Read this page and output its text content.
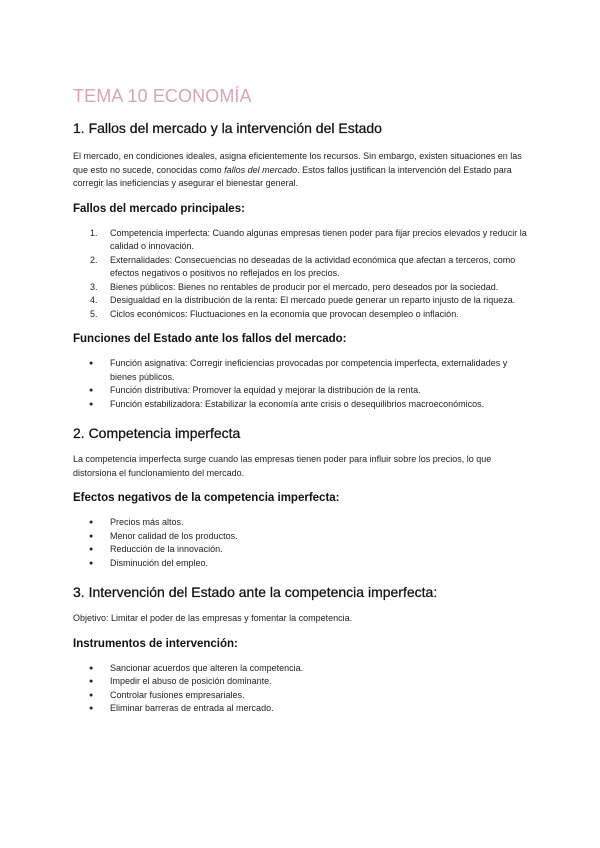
TEMA 10 ECONOMÍA
1. Fallos del mercado y la intervención del Estado

El mercado, en condiciones ideales, asigna eficientemente los recursos. Sin embargo, existen situaciones en las que esto no sucede, conocidas como fallos del mercado. Estos fallos justifican la intervención del Estado para corregir las ineficiencias y asegurar el bienestar general.

Fallos del mercado principales:
1. Competencia imperfecta: Cuando algunas empresas tienen poder para fijar precios elevados y reducir la calidad o innovación.
2. Externalidades: Consecuencias no deseadas de la actividad económica que afectan a terceros, como efectos negativos o positivos no reflejados en los precios.
3. Bienes públicos: Bienes no rentables de producir por el mercado, pero deseados por la sociedad.
4. Desigualdad en la distribución de la renta: El mercado puede generar un reparto injusto de la riqueza.
5. Ciclos económicos: Fluctuaciones en la economía que provocan desempleo o inflación.
Funciones del Estado ante los fallos del mercado:
● Función asignativa: Corregir ineficiencias provocadas por competencia imperfecta, externalidades y bienes públicos.
● Función distributiva: Promover la equidad y mejorar la distribución de la renta.
● Función estabilizadora: Estabilizar la economía ante crisis o desequilibrios macroeconómicos.
2. Competencia imperfecta

La competencia imperfecta surge cuando las empresas tienen poder para influir sobre los precios, lo que distorsiona el funcionamiento del mercado.

Efectos negativos de la competencia imperfecta:
● Precios más altos.
● Menor calidad de los productos.
● Reducción de la innovación.
● Disminución del empleo.
3. Intervención del Estado ante la competencia imperfecta:

Objetivo: Limitar el poder de las empresas y fomentar la competencia.

Instrumentos de intervención:
● Sancionar acuerdos que alteren la competencia.
● Impedir el abuso de posición dominante.
● Controlar fusiones empresariales.
● Eliminar barreras de entrada al mercado.
